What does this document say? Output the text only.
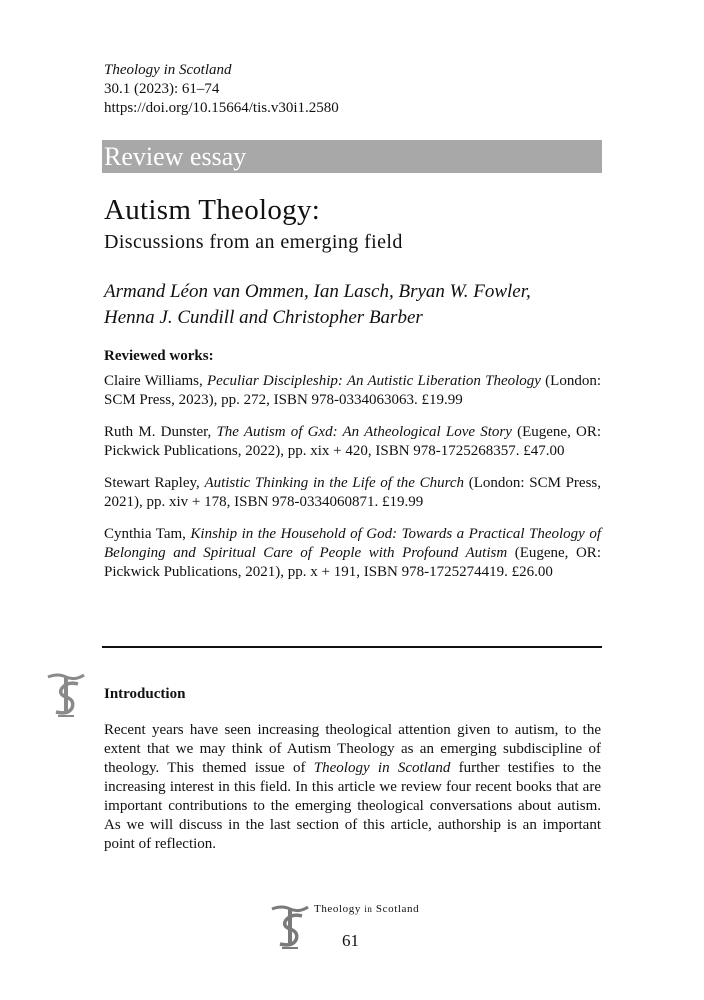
Theology in Scotland
30.1 (2023): 61–74
https://doi.org/10.15664/tis.v30i1.2580
Review essay
Autism Theology:
Discussions from an emerging field
Armand Léon van Ommen, Ian Lasch, Bryan W. Fowler,
Henna J. Cundill and Christopher Barber
Reviewed works:

Claire Williams, Peculiar Discipleship: An Autistic Liberation Theology (London: SCM Press, 2023), pp. 272, ISBN 978-0334063063. £19.99

Ruth M. Dunster, The Autism of Gxd: An Atheological Love Story (Eugene, OR: Pickwick Publications, 2022), pp. xix + 420, ISBN 978-1725268357. £47.00

Stewart Rapley, Autistic Thinking in the Life of the Church (London: SCM Press, 2021), pp. xiv + 178, ISBN 978-0334060871. £19.99

Cynthia Tam, Kinship in the Household of God: Towards a Practical Theology of Belonging and Spiritual Care of People with Profound Autism (Eugene, OR: Pickwick Publications, 2021), pp. x + 191, ISBN 978-1725274419. £26.00

Introduction
Recent years have seen increasing theological attention given to autism, to the extent that we may think of Autism Theology as an emerging subdiscipline of theology. This themed issue of Theology in Scotland further testifies to the increasing interest in this field. In this article we review four recent books that are important contributions to the emerging theological conversations about autism. As we will discuss in the last section of this article, authorship is an important point of reflection.
Theology in Scotland
61
